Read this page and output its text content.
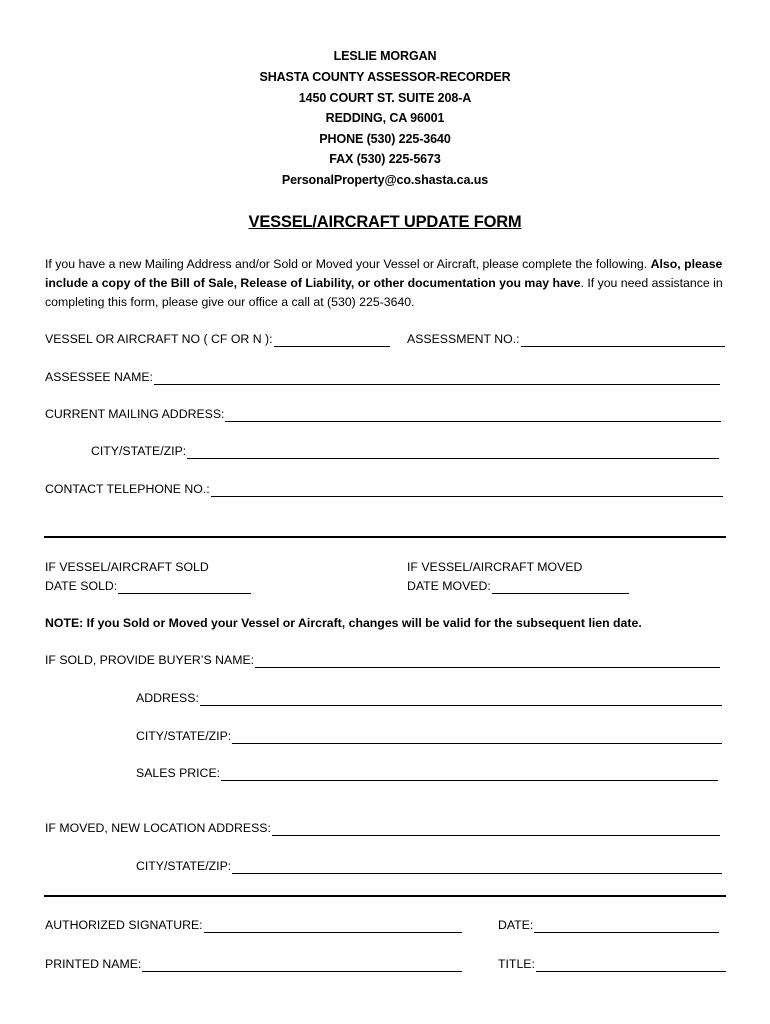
LESLIE MORGAN
SHASTA COUNTY ASSESSOR-RECORDER
1450 COURT ST. SUITE 208-A
REDDING, CA 96001
PHONE (530) 225-3640
FAX (530) 225-5673
PersonalProperty@co.shasta.ca.us
VESSEL/AIRCRAFT UPDATE FORM
If you have a new Mailing Address and/or Sold or Moved your Vessel or Aircraft, please complete the following. Also, please include a copy of the Bill of Sale, Release of Liability, or other documentation you may have. If you need assistance in completing this form, please give our office a call at (530) 225-3640.
VESSEL OR AIRCRAFT NO ( CF OR N ):	ASSESSMENT NO.:
ASSESSEE NAME:
CURRENT MAILING ADDRESS:
CITY/STATE/ZIP:
CONTACT TELEPHONE NO.:
IF VESSEL/AIRCRAFT SOLD
DATE SOLD:
IF VESSEL/AIRCRAFT MOVED
DATE MOVED:
NOTE: If you Sold or Moved your Vessel or Aircraft, changes will be valid for the subsequent lien date.
IF SOLD, PROVIDE BUYER’S NAME:
ADDRESS:
CITY/STATE/ZIP:
SALES PRICE:
IF MOVED, NEW LOCATION ADDRESS:
CITY/STATE/ZIP:
AUTHORIZED SIGNATURE:	DATE:
PRINTED NAME:	TITLE:
